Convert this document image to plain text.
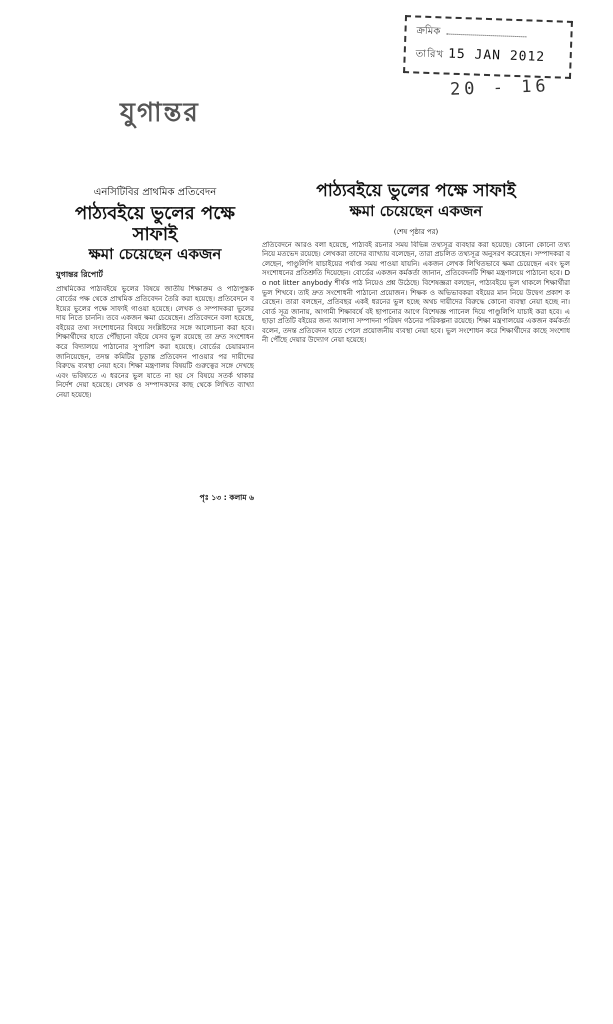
ক্রমিক
তারিখ 15 JAN 2012
20 - 16
যুগান্তর
এনসিটিবির প্রাথমিক প্রতিবেদন
পাঠ্যবইয়ে ভুলের পক্ষে সাফাই
ক্ষমা চেয়েছেন একজন
যুগান্তর রিপোর্ট
প্রাথমিকের পাঠ্যবইয়ে ভুলের বিষয়ে জাতীয় শিক্ষাক্রম ও পাঠ্যপুস্তক বোর্ডের পক্ষ থেকে প্রাথমিক প্রতিবেদন তৈরি করা হয়েছে। প্রতিবেদনে বইয়ের ভুলের পক্ষে সাফাই গাওয়া হয়েছে। লেখক ও সম্পাদকরা ভুলের দায় নিতে চাননি। তবে একজন ক্ষমা চেয়েছেন। প্রতিবেদনে বলা হয়েছে, বইয়ের তথ্য সংশোধনের বিষয়ে সংশ্লিষ্টদের সঙ্গে আলোচনা করা হবে। শিক্ষার্থীদের হাতে পৌঁছানো বইয়ে যেসব ভুল রয়েছে তা দ্রুত সংশোধন করে বিদ্যালয়ে পাঠানোর সুপারিশ করা হয়েছে। বোর্ডের চেয়ারম্যান জানিয়েছেন, তদন্ত কমিটির চূড়ান্ত প্রতিবেদন পাওয়ার পর দায়ীদের বিরুদ্ধে ব্যবস্থা নেয়া হবে। শিক্ষা মন্ত্রণালয় বিষয়টি গুরুত্বের সঙ্গে দেখছে এবং ভবিষ্যতে এ ধরনের ভুল যাতে না হয় সে বিষয়ে সতর্ক থাকার নির্দেশ দেয়া হয়েছে। লেখক ও সম্পাদকদের কাছ থেকে লিখিত ব্যাখ্যা নেয়া হয়েছে।
পৃঃ ১৩ : কলাম ৬
পাঠ্যবইয়ে ভুলের পক্ষে সাফাই
ক্ষমা চেয়েছেন একজন
(শেষ পৃষ্ঠার পর)
প্রতিবেদনে আরও বলা হয়েছে, পাঠ্যবই রচনার সময় বিভিন্ন তথ্যসূত্র ব্যবহার করা হয়েছে। কোনো কোনো তথ্য নিয়ে মতভেদ রয়েছে। লেখকরা তাদের ব্যাখ্যায় বলেছেন, তারা প্রচলিত তথ্যসূত্র অনুসরণ করেছেন। সম্পাদকরা বলেছেন, পাণ্ডুলিপি যাচাইয়ের পর্যাপ্ত সময় পাওয়া যায়নি। একজন লেখক লিখিতভাবে ক্ষমা চেয়েছেন এবং ভুল সংশোধনের প্রতিশ্রুতি দিয়েছেন। বোর্ডের একজন কর্মকর্তা জানান, প্রতিবেদনটি শিক্ষা মন্ত্রণালয়ে পাঠানো হবে। Do not litter anybody শীর্ষক পাঠ নিয়েও প্রশ্ন উঠেছে। বিশেষজ্ঞরা বলছেন, পাঠ্যবইয়ে ভুল থাকলে শিক্ষার্থীরা ভুল শিখবে। তাই দ্রুত সংশোধনী পাঠানো প্রয়োজন। শিক্ষক ও অভিভাবকরা বইয়ের মান নিয়ে উদ্বেগ প্রকাশ করেছেন। তারা বলছেন, প্রতিবছর একই ধরনের ভুল হচ্ছে অথচ দায়ীদের বিরুদ্ধে কোনো ব্যবস্থা নেয়া হচ্ছে না। বোর্ড সূত্র জানায়, আগামী শিক্ষাবর্ষে বই ছাপানোর আগে বিশেষজ্ঞ প্যানেল দিয়ে পাণ্ডুলিপি যাচাই করা হবে। এ ছাড়া প্রতিটি বইয়ের জন্য আলাদা সম্পাদনা পরিষদ গঠনের পরিকল্পনা রয়েছে। শিক্ষা মন্ত্রণালয়ের একজন কর্মকর্তা বলেন, তদন্ত প্রতিবেদন হাতে পেলে প্রয়োজনীয় ব্যবস্থা নেয়া হবে। ভুল সংশোধন করে শিক্ষার্থীদের কাছে সংশোধনী পৌঁছে দেয়ার উদ্যোগ নেয়া হয়েছে।
